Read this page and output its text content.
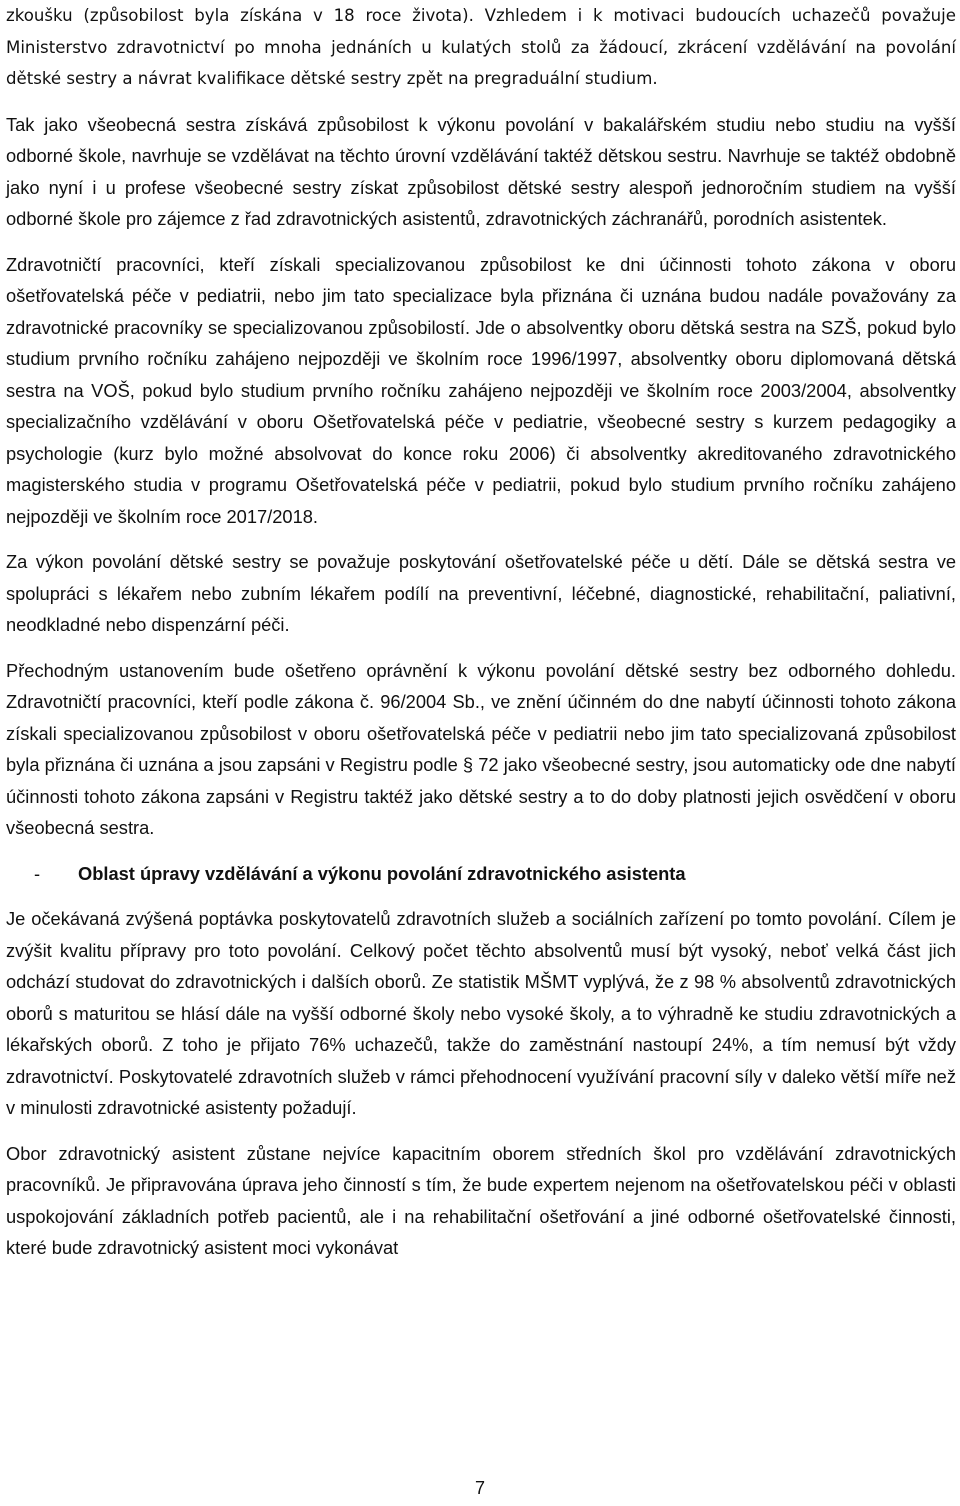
zkoušku (způsobilost byla získána v 18 roce života). Vzhledem i k motivaci budoucích uchazečů považuje Ministerstvo zdravotnictví po mnoha jednáních u kulatých stolů za žádoucí, zkrácení vzdělávání na povolání dětské sestry a návrat kvalifikace dětské sestry zpět na pregraduální studium.

Tak jako všeobecná sestra získává způsobilost k výkonu povolání v bakalářském studiu nebo studiu na vyšší odborné škole, navrhuje se vzdělávat na těchto úrovní vzdělávání taktéž dětskou sestru. Navrhuje se taktéž obdobně jako nyní i u profese všeobecné sestry získat způsobilost dětské sestry alespoň jednoročním studiem na vyšší odborné škole pro zájemce z řad zdravotnických asistentů, zdravotnických záchranářů, porodních asistentek.

Zdravotničtí pracovníci, kteří získali specializovanou způsobilost ke dni účinnosti tohoto zákona v oboru ošetřovatelská péče v pediatrii, nebo jim tato specializace byla přiznána či uznána budou nadále považovány za zdravotnické pracovníky se specializovanou způsobilostí. Jde o absolventky oboru dětská sestra na SZŠ, pokud bylo studium prvního ročníku zahájeno nejpozději ve školním roce 1996/1997, absolventky oboru diplomovaná dětská sestra na VOŠ, pokud bylo studium prvního ročníku zahájeno nejpozději ve školním roce 2003/2004, absolventky specializačního vzdělávání v oboru Ošetřovatelská péče v pediatrie, všeobecné sestry s kurzem pedagogiky a psychologie (kurz bylo možné absolvovat do konce roku 2006) či absolventky akreditovaného zdravotnického magisterského studia v programu Ošetřovatelská péče v pediatrii, pokud bylo studium prvního ročníku zahájeno nejpozději ve školním roce 2017/2018.

Za výkon povolání dětské sestry se považuje poskytování ošetřovatelské péče u dětí. Dále se dětská sestra ve spolupráci s lékařem nebo zubním lékařem podílí na preventivní, léčebné, diagnostické, rehabilitační, paliativní, neodkladné nebo dispenzární péči.

Přechodným ustanovením bude ošetřeno oprávnění k výkonu povolání dětské sestry bez odborného dohledu. Zdravotničtí pracovníci, kteří podle zákona č. 96/2004 Sb., ve znění účinném do dne nabytí účinnosti tohoto zákona získali specializovanou způsobilost v oboru ošetřovatelská péče v pediatrii nebo jim tato specializovaná způsobilost byla přiznána či uznána a jsou zapsáni v Registru podle § 72 jako všeobecné sestry, jsou automaticky ode dne nabytí účinnosti tohoto zákona zapsáni v Registru taktéž jako dětské sestry a to do doby platnosti jejich osvědčení v oboru všeobecná sestra.

-	Oblast úpravy vzdělávání a výkonu povolání zdravotnického asistenta

Je očekávaná zvýšená poptávka poskytovatelů zdravotních služeb a sociálních zařízení po tomto povolání. Cílem je zvýšit kvalitu přípravy pro toto povolání. Celkový počet těchto absolventů musí být vysoký, neboť velká část jich odchází studovat do zdravotnických i dalších oborů. Ze statistik MŠMT vyplývá, že z 98 % absolventů zdravotnických oborů s maturitou se hlásí dále na vyšší odborné školy nebo vysoké školy, a to výhradně ke studiu zdravotnických a lékařských oborů. Z toho je přijato 76% uchazečů, takže do zaměstnání nastoupí 24%, a tím nemusí být vždy zdravotnictví. Poskytovatelé zdravotních služeb v rámci přehodnocení využívání pracovní síly v daleko větší míře než v minulosti zdravotnické asistenty požadují.

Obor zdravotnický asistent zůstane nejvíce kapacitním oborem středních škol pro vzdělávání zdravotnických pracovníků. Je připravována úprava jeho činností s tím, že bude expertem nejenom na ošetřovatelskou péči v oblasti uspokojování základních potřeb pacientů, ale i na rehabilitační ošetřování a jiné odborné ošetřovatelské činnosti, které bude zdravotnický asistent moci vykonávat

7
